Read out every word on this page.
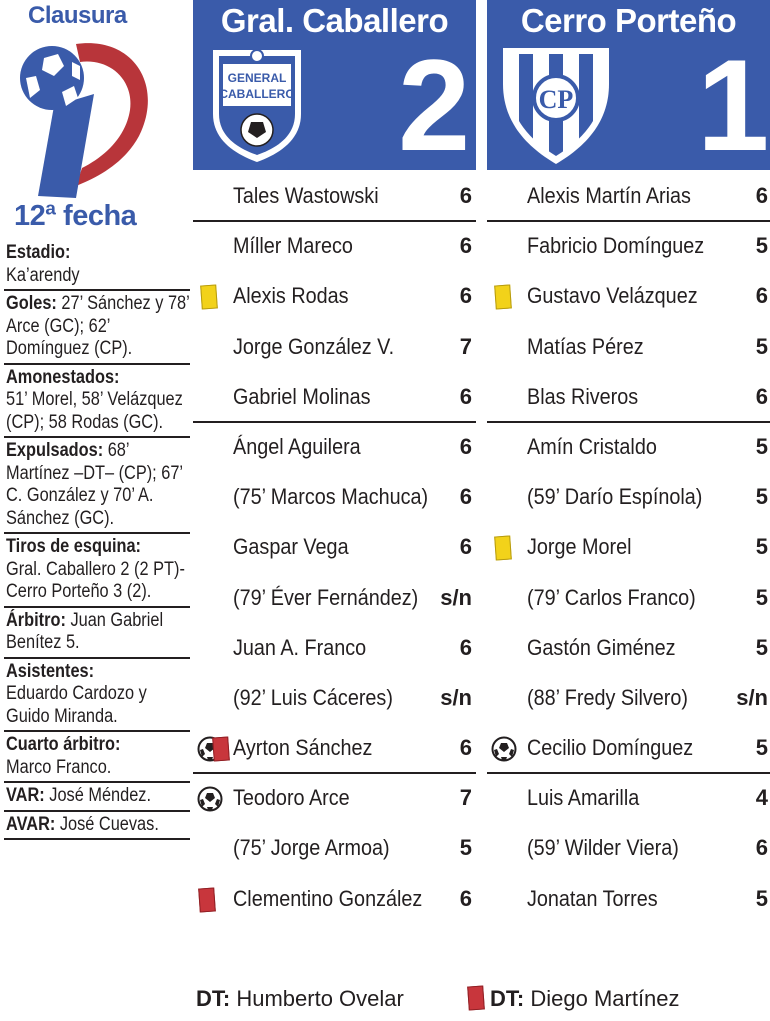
Clausura
12ª fecha
Estadio:
Ka’arendy
Goles: 27’ Sánchez y 78’ Arce (GC); 62’ Domínguez (CP).
Amonestados:
51’ Morel, 58’ Velázquez (CP); 58 Rodas (GC).
Expulsados: 68’ Martínez –DT– (CP); 67’ C. González y 70’ A. Sánchez (GC).
Tiros de esquina:
Gral. Caballero 2 (2 PT)-Cerro Porteño 3 (2).
Árbitro: Juan Gabriel Benítez 5.
Asistentes:
Eduardo Cardozo y Guido Miranda.
Cuarto árbitro:
Marco Franco.
VAR: José Méndez.
AVAR: José Cuevas.
Gral. Caballero
GENERAL
CABALLERO 2
Cerro Porteño
CP 1
Tales Wastowski	6
Míller Mareco	6
Alexis Rodas	6
Jorge González V.	7
Gabriel Molinas	6
Ángel Aguilera	6
(75’ Marcos Machuca) 6
Gaspar Vega	6
(79’ Éver Fernández) s/n
Juan A. Franco	6
(92’ Luis Cáceres) s/n
Ayrton Sánchez	6
Teodoro Arce	7
(75’ Jorge Armoa)	5
Clementino González 6
Alexis Martín Arias	6
Fabricio Domínguez 5
Gustavo Velázquez	6
Matías Pérez	5
Blas Riveros	6
Amín Cristaldo	5
(59’ Darío Espínola) 5
Jorge Morel	5
(79’ Carlos Franco)	5
Gastón Giménez	5
(88’ Fredy Silvero) s/n
Cecilio Domínguez	5
Luis Amarilla	4
(59’ Wilder Viera)	6
Jonatan Torres	5
DT: Humberto Ovelar	DT: Diego Martínez
